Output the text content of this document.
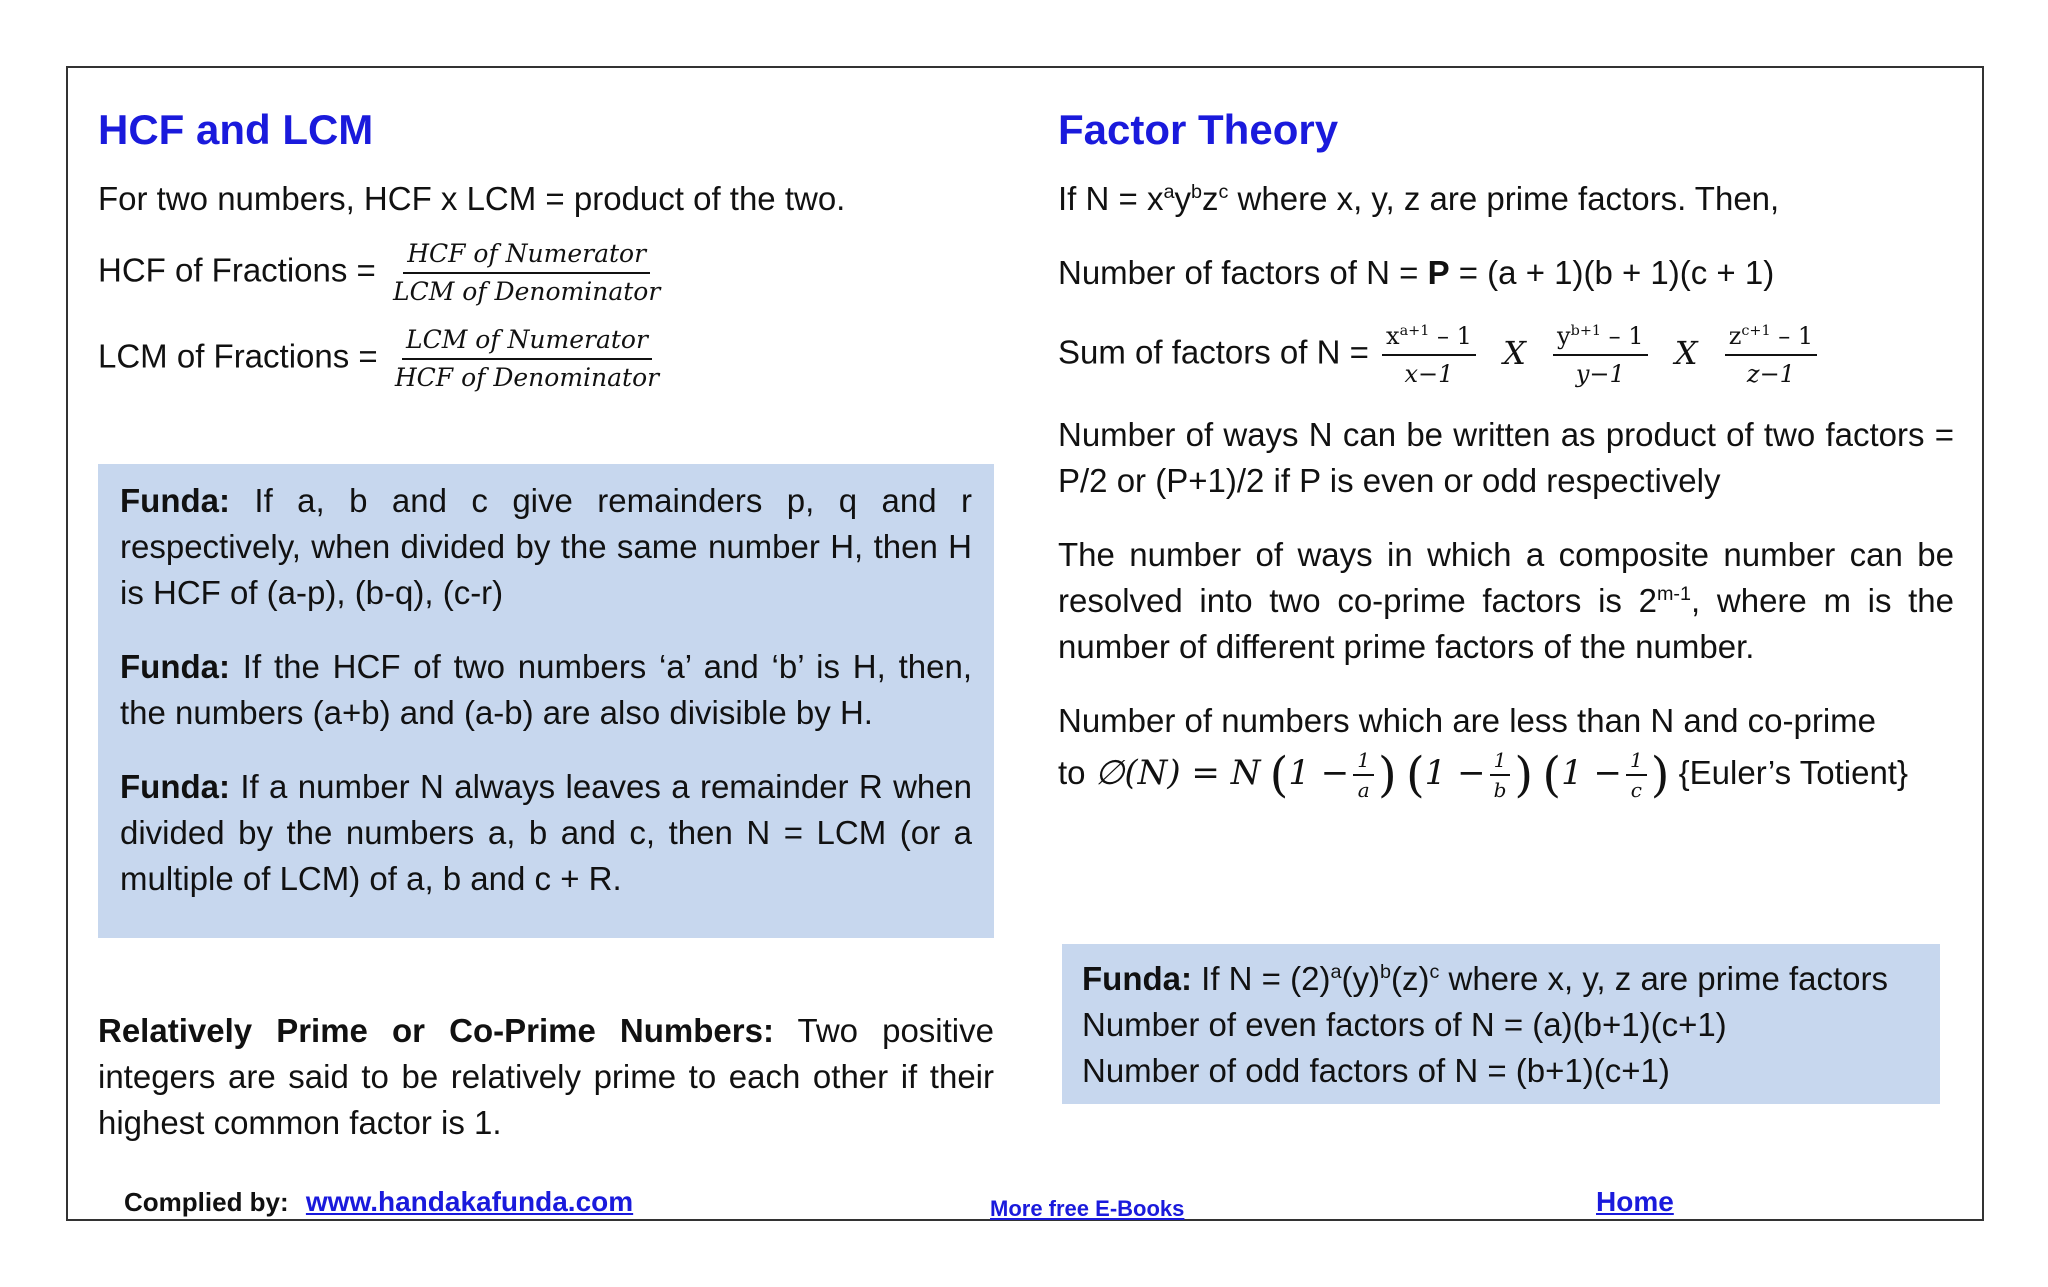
HCF and LCM
For two numbers, HCF x LCM = product of the two.
HCF of Fractions = $\frac{\text{HCF of Numerator}}{\text{LCM of Denominator}}$
LCM of Fractions = $\frac{\text{LCM of Numerator}}{\text{HCF of Denominator}}$

Funda: If a, b and c give remainders p, q and r respectively, when divided by the same number H, then H is HCF of (a-p), (b-q), (c-r)

Funda: If the HCF of two numbers ‘a’ and ‘b’ is H, then, the numbers (a+b) and (a-b) are also divisible by H.

Funda: If a number N always leaves a remainder R when divided by the numbers a, b and c, then N = LCM (or a multiple of LCM) of a, b and c + R.

Relatively Prime or Co-Prime Numbers: Two positive integers are said to be relatively prime to each other if their highest common factor is 1.

Factor Theory
If $N = x^ay^bz^c$ where x, y, z are prime factors. Then,
Number of factors of N = P = (a + 1)(b + 1)(c + 1)
Sum of factors of $N = \frac{x^{a+1} - 1}{x-1}$ X $\frac{y^{b+1} - 1}{y-1}$ X $\frac{z^{c+1} - 1}{z-1}$

Number of ways N can be written as product of two factors = P/2 or (P+1)/2 if P is even or odd respectively

The number of ways in which a composite number can be resolved into two co-prime factors is 2$^{m-1}$, where m is the number of different prime factors of the number.

Number of numbers which are less than N and co-prime

to ∅(N) = N ($1 - \frac{1}{a}$ ) ($1 - \frac{1}{b}$ ) ($1 - \frac{1}{c}$ ) {Euler’s Totient}
Funda: If $N = (2)^a(y)^b(z)^c$ where x, y, z are prime factors
Number of even factors of N = (a)(b+1)(c+1)
Number of odd factors of N = (b+1)(c+1)
Complied by: www.handakafunda.com	More free E-Books	Home
